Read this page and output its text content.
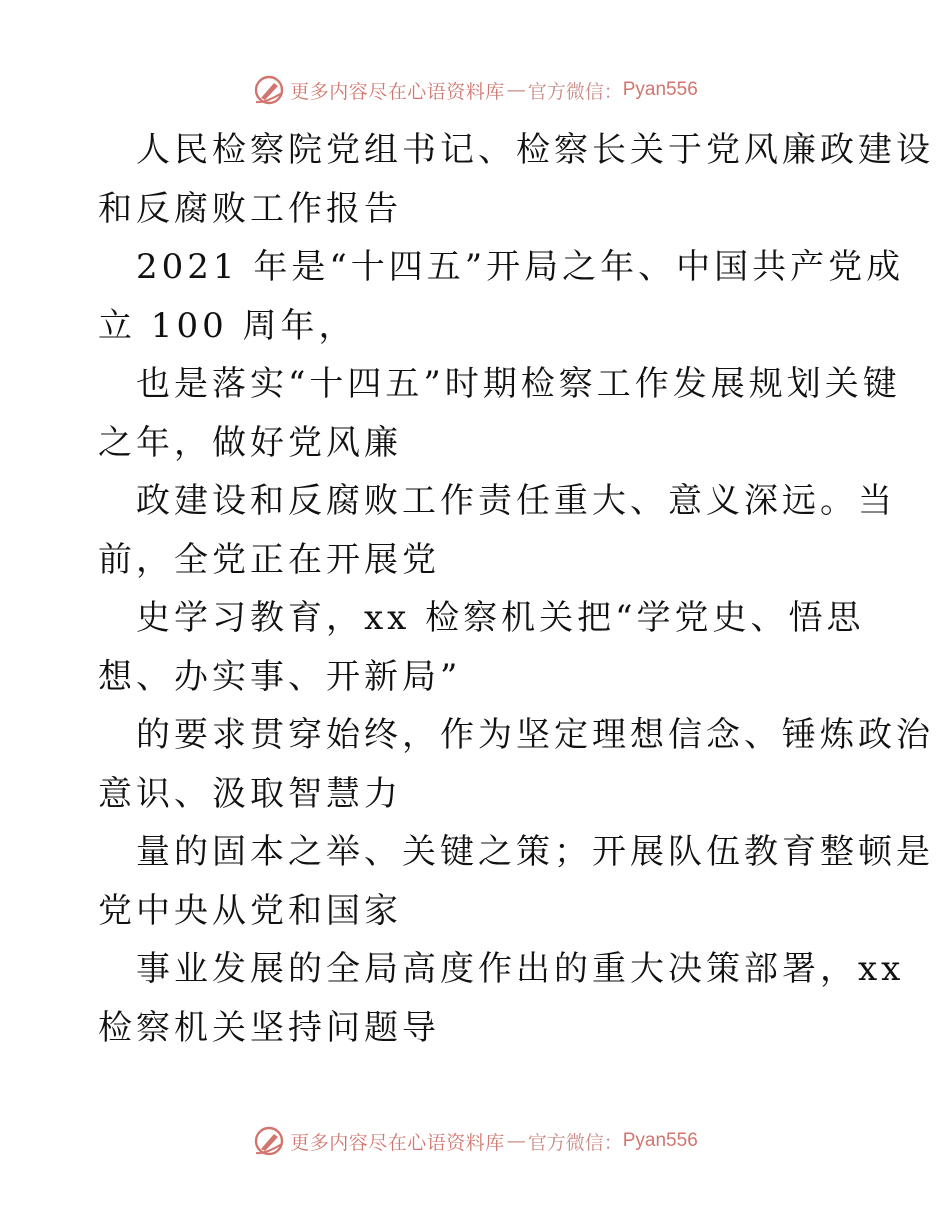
更多内容尽在心语资料库 — 官方微信： Pyan556
人民检察院党组书记、检察长关于党风廉政建设
和反腐败工作报告
2021 年是“十四五”开局之年、中国共产党成
立 100 周年，
也是落实“十四五”时期检察工作发展规划关键
之年，做好党风廉
政建设和反腐败工作责任重大、意义深远。当
前，全党正在开展党
史学习教育，xx 检察机关把“学党史、悟思
想、办实事、开新局”
的要求贯穿始终，作为坚定理想信念、锤炼政治
意识、汲取智慧力
量的固本之举、关键之策；开展队伍教育整顿是
党中央从党和国家
事业发展的全局高度作出的重大决策部署，xx
检察机关坚持问题导
更多内容尽在心语资料库 — 官方微信： Pyan556
